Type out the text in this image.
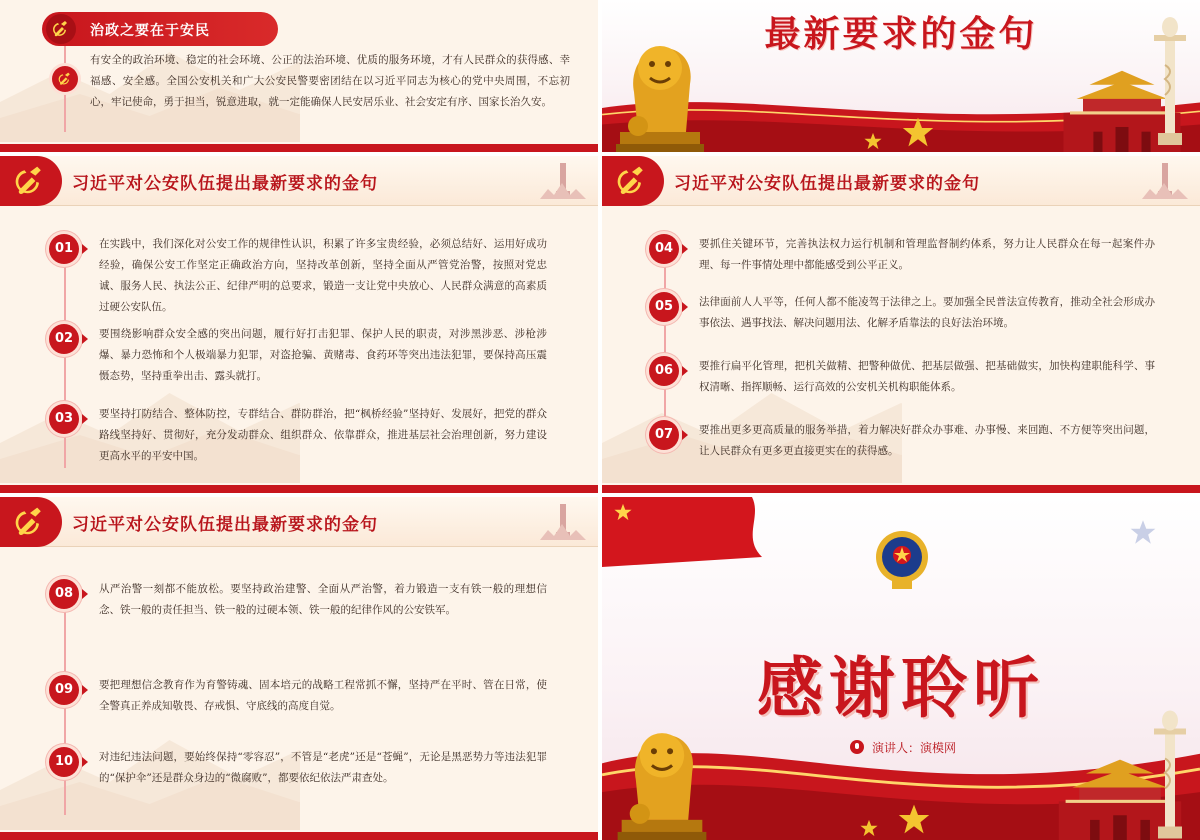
治政之要在于安民
有安全的政治环境、稳定的社会环境、公正的法治环境、优质的服务环境，才有人民群众的获得感、幸福感、安全感。全国公安机关和广大公安民警要密团结在以习近平同志为核心的党中央周围，不忘初心，牢记使命，勇于担当，锐意进取，就一定能确保人民安居乐业、社会安定有序、国家长治久安。
最新要求的金句
习近平对公安队伍提出最新要求的金句
01	在实践中，我们深化对公安工作的规律性认识，积累了许多宝贵经验，必须总结好、运用好成功经验，确保公安工作坚定正确政治方向，坚持改革创新，坚持全面从严管党治警，按照对党忠诚、服务人民、执法公正、纪律严明的总要求，锻造一支让党中央放心、人民群众满意的高素质过硬公安队伍。
02	要围绕影响群众安全感的突出问题，履行好打击犯罪、保护人民的职责，对涉黑涉恶、涉枪涉爆、暴力恐怖和个人极端暴力犯罪，对盗抢骗、黄赌毒、食药环等突出违法犯罪，要保持高压震慑态势，坚持重拳出击、露头就打。
03	要坚持打防结合、整体防控，专群结合、群防群治，把“枫桥经验”坚持好、发展好，把党的群众路线坚持好、贯彻好，充分发动群众、组织群众、依靠群众，推进基层社会治理创新，努力建设更高水平的平安中国。
习近平对公安队伍提出最新要求的金句
04	要抓住关键环节，完善执法权力运行机制和管理监督制约体系，努力让人民群众在每一起案件办理、每一件事情处理中都能感受到公平正义。
05	法律面前人人平等，任何人都不能凌驾于法律之上。要加强全民普法宣传教育，推动全社会形成办事依法、遇事找法、解决问题用法、化解矛盾靠法的良好法治环境。
06	要推行扁平化管理，把机关做精、把警种做优、把基层做强、把基础做实，加快构建职能科学、事权清晰、指挥顺畅、运行高效的公安机关机构职能体系。
07	要推出更多更高质量的服务举措，着力解决好群众办事难、办事慢、来回跑、不方便等突出问题，让人民群众有更多更直接更实在的获得感。
习近平对公安队伍提出最新要求的金句
08	从严治警一刻都不能放松。要坚持政治建警、全面从严治警，着力锻造一支有铁一般的理想信念、铁一般的责任担当、铁一般的过硬本领、铁一般的纪律作风的公安铁军。
09	要把理想信念教育作为育警铸魂、固本培元的战略工程常抓不懈，坚持严在平时、管在日常，使全警真正养成知敬畏、存戒惧、守底线的高度自觉。
10	对违纪违法问题，要始终保持“零容忍”，不管是“老虎”还是“苍蝇”，无论是黑恶势力等违法犯罪的“保护伞”还是群众身边的“微腐败”，都要依纪依法严肃查处。
感谢聆听
演讲人：演模网
